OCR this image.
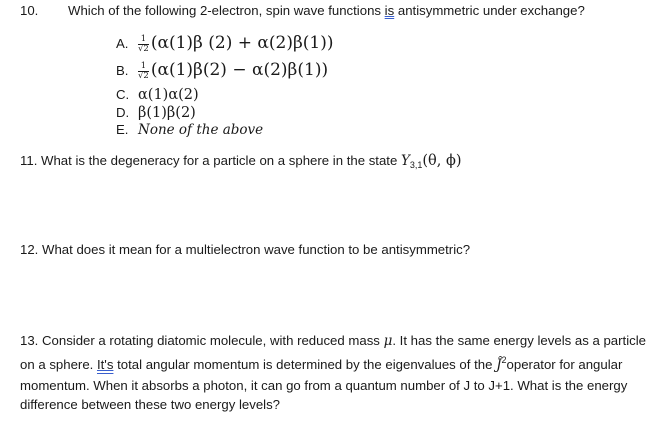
10. Which of the following 2-electron, spin wave functions is antisymmetric under exchange?
A. $\frac{1}{√2} (\alpha(1)\beta$ (2) + α(2)β(1))
B. $\frac{1}{√2} (\alpha(1)\beta(2) - \alpha(2)\beta(1))$
C. α(1)α(2)
D. β(1)β(2)
E. None of the above
11. What is the degeneracy for a particle on a sphere in the state $Y_{3,1}(\theta$, ϕ)
12. What does it mean for a multielectron wave function to be antisymmetric?
13. Consider a rotating diatomic molecule, with reduced mass μ. It has the same energy levels as a particle on a sphere. It's total angular momentum is determined by the eigenvalues of the $Ĵ^2operator$ for angular momentum. When it absorbs a photon, it can go from a quantum number of J to J+1. What is the energy difference between these two energy levels?
